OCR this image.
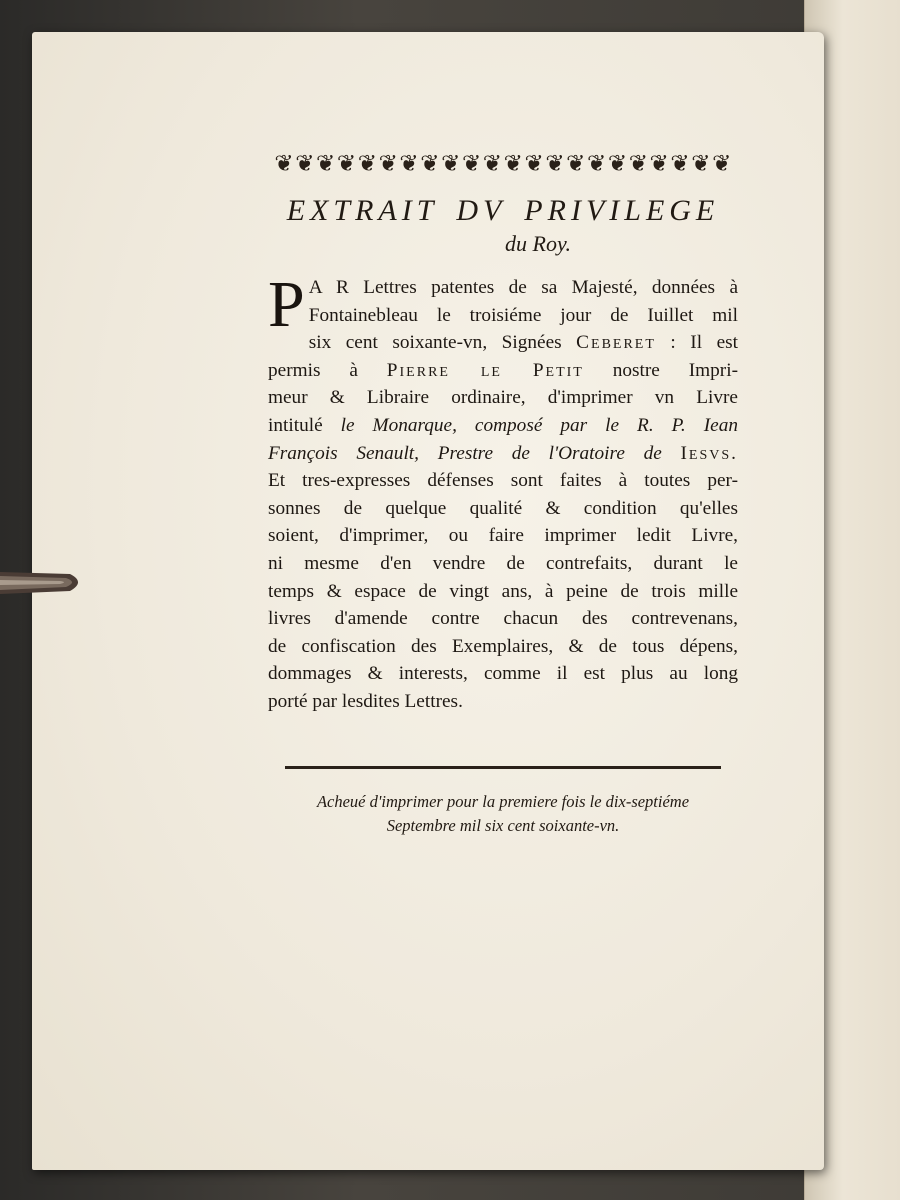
❦ ❦ ❦ ❦ ❦ ❦ ❦ ❦ ❦ ❦ ❦ ❦ ❦ ❦ ❦ ❦ ❦ ❦ ❦ ❦ ❦ ❦
EXTRAIT DV PRIVILEGE
du Roy.
P A R Lettres patentes de sa Majesté, données à
Fontainebleau le troisiéme jour de Iuillet mil
six cent soixante-vn, Signées Ceberet : Il est
permis à Pierre le Petit nostre Impri-
meur & Libraire ordinaire, d'imprimer vn Livre
intitulé le Monarque, composé par le R. P. Iean
François Senault, Prestre de l'Oratoire de Iesvs.
Et tres-expresses défenses sont faites à toutes per-
sonnes de quelque qualité & condition qu'elles
soient, d'imprimer, ou faire imprimer ledit Livre,
ni mesme d'en vendre de contrefaits, durant le
temps & espace de vingt ans, à peine de trois mille
livres d'amende contre chacun des contrevenans,
de confiscation des Exemplaires, & de tous dépens,
dommages & interests, comme il est plus au long
porté par lesdites Lettres.
Acheué d'imprimer pour la premiere fois le dix-septiéme
Septembre mil six cent soixante-vn.
